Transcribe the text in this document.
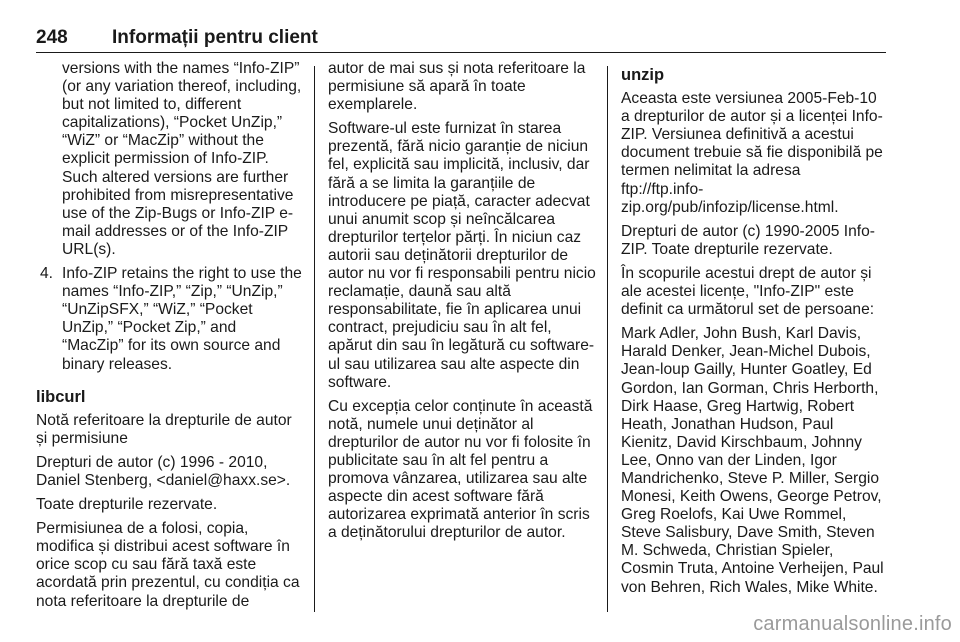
248 Informații pentru client

versions with the names “Info-ZIP” (or any variation thereof, including, but not limited to, different capitalizations), “Pocket UnZip,” “WiZ” or “MacZip” without the explicit permission of Info-ZIP. Such altered versions are further prohibited from misrepresentative use of the Zip-Bugs or Info-ZIP e-mail addresses or of the Info-ZIP URL(s).

4. Info-ZIP retains the right to use the names “Info-ZIP,” “Zip,” “UnZip,” “UnZipSFX,” “WiZ,” “Pocket UnZip,” “Pocket Zip,” and “MacZip” for its own source and binary releases.
libcurl

Notă referitoare la drepturile de autor și permisiune

Drepturi de autor (c) 1996 - 2010, Daniel Stenberg, <daniel@haxx.se>.

Toate drepturile rezervate.

Permisiunea de a folosi, copia, modifica și distribui acest software în orice scop cu sau fără taxă este acordată prin prezentul, cu condiția ca nota referitoare la drepturile de

autor de mai sus și nota referitoare la permisiune să apară în toate exemplarele.

Software-ul este furnizat în starea prezentă, fără nicio garanție de niciun fel, explicită sau implicită, inclusiv, dar fără a se limita la garanțiile de introducere pe piață, caracter adecvat unui anumit scop și neîncălcarea drepturilor terțelor părți. În niciun caz autorii sau deținătorii drepturilor de autor nu vor fi responsabili pentru nicio reclamație, daună sau altă responsabilitate, fie în aplicarea unui contract, prejudiciu sau în alt fel, apărut din sau în legătură cu software-ul sau utilizarea sau alte aspecte din software.

Cu excepția celor conținute în această notă, numele unui deținător al drepturilor de autor nu vor fi folosite în publicitate sau în alt fel pentru a promova vânzarea, utilizarea sau alte aspecte din acest software fără autorizarea exprimată anterior în scris a deținătorului drepturilor de autor.

unzip

Aceasta este versiunea 2005-Feb-10 a drepturilor de autor și a licenței Info-ZIP. Versiunea definitivă a acestui document trebuie să fie disponibilă pe termen nelimitat la adresa ftp://ftp.info-zip.org/pub/infozip/license.html.

Drepturi de autor (c) 1990-2005 Info-ZIP. Toate drepturile rezervate.

În scopurile acestui drept de autor și ale acestei licențe, "Info-ZIP" este definit ca următorul set de persoane:

Mark Adler, John Bush, Karl Davis, Harald Denker, Jean-Michel Dubois, Jean-loup Gailly, Hunter Goatley, Ed Gordon, Ian Gorman, Chris Herborth, Dirk Haase, Greg Hartwig, Robert Heath, Jonathan Hudson, Paul Kienitz, David Kirschbaum, Johnny Lee, Onno van der Linden, Igor Mandrichenko, Steve P. Miller, Sergio Monesi, Keith Owens, George Petrov, Greg Roelofs, Kai Uwe Rommel, Steve Salisbury, Dave Smith, Steven M. Schweda, Christian Spieler, Cosmin Truta, Antoine Verheijen, Paul von Behren, Rich Wales, Mike White.

carmanualsonline.info
